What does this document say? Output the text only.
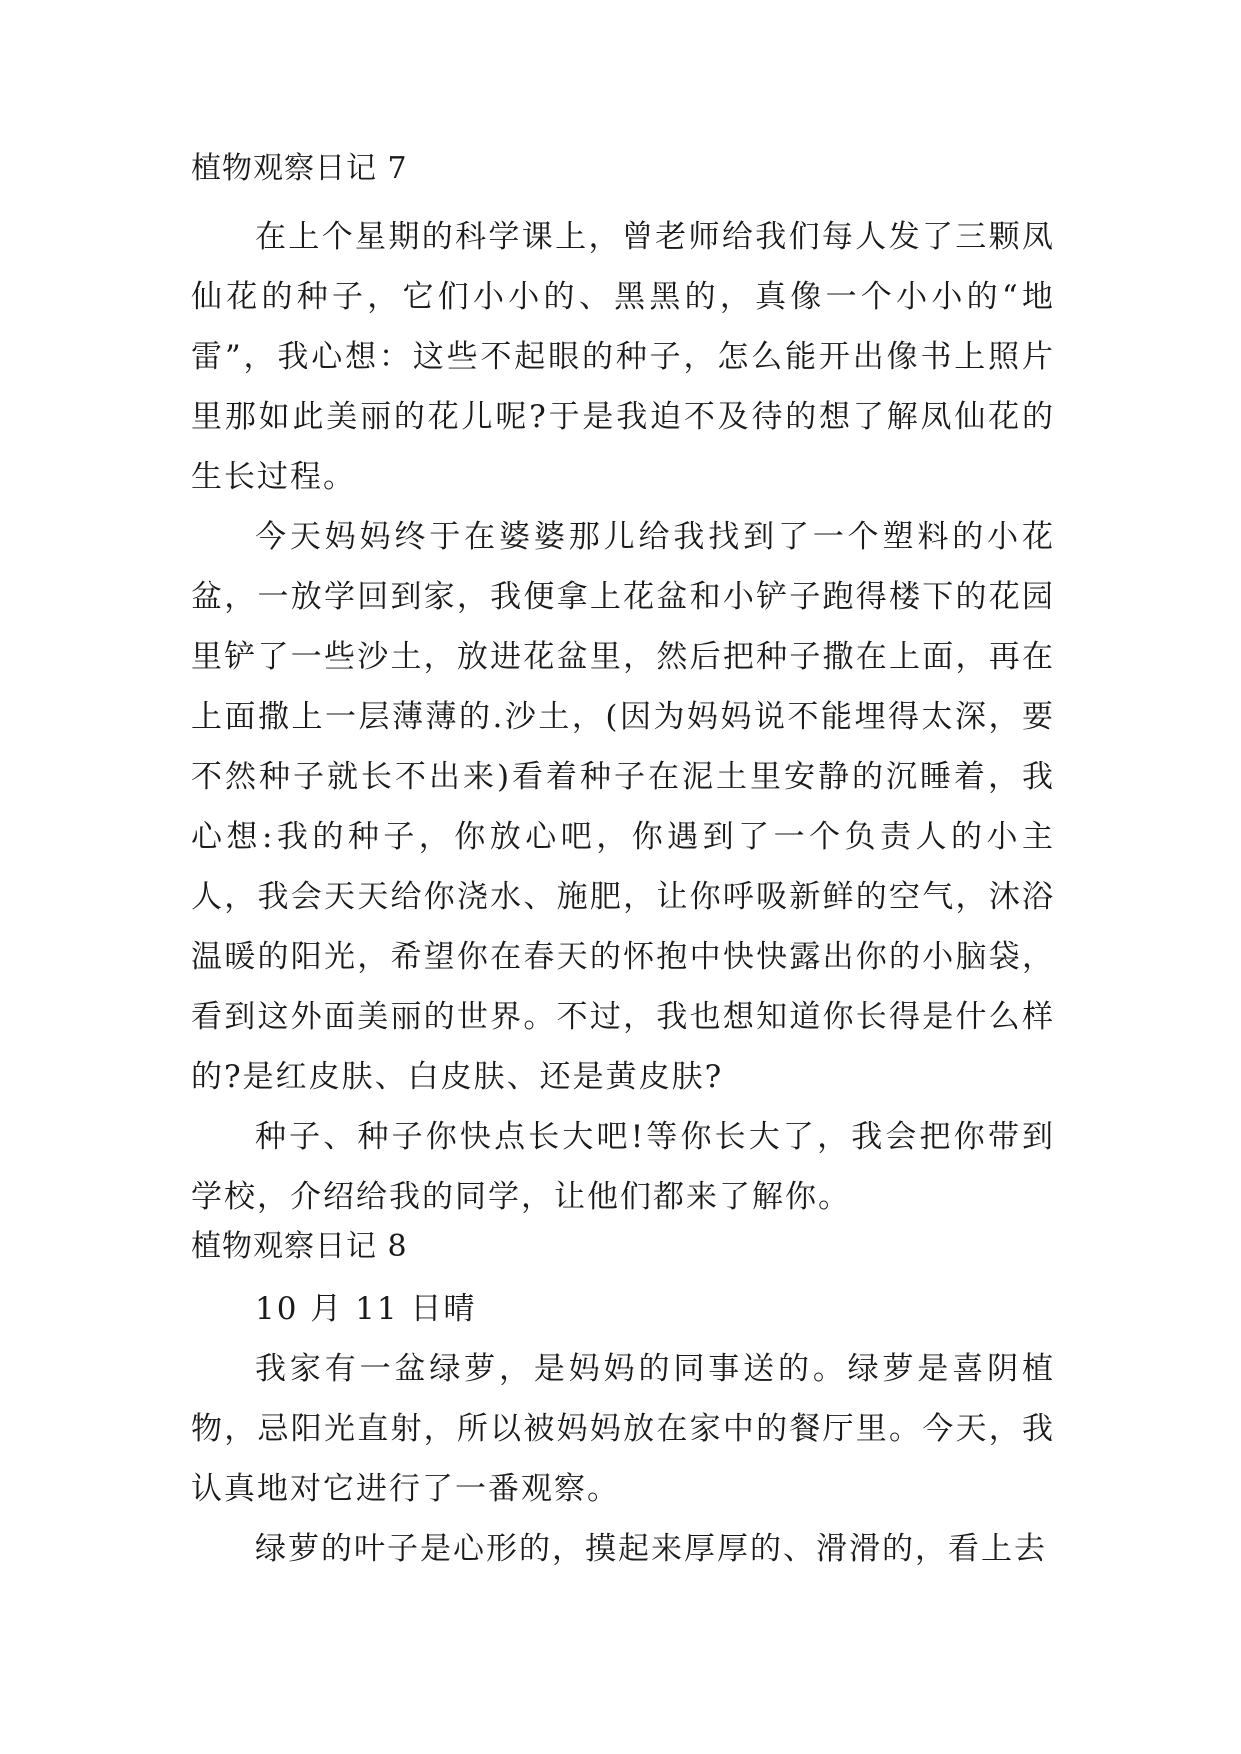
植物观察日记 7

在上个星期的科学课上，曾老师给我们每人发了三颗凤仙花的种子，它们小小的、黑黑的，真像一个小小的“地雷”，我心想：这些不起眼的种子，怎么能开出像书上照片里那如此美丽的花儿呢?于是我迫不及待的想了解凤仙花的生长过程。

今天妈妈终于在婆婆那儿给我找到了一个塑料的小花盆，一放学回到家，我便拿上花盆和小铲子跑得楼下的花园里铲了一些沙土，放进花盆里，然后把种子撒在上面，再在上面撒上一层薄薄的.沙土，(因为妈妈说不能埋得太深，要不然种子就长不出来)看着种子在泥土里安静的沉睡着，我心想:我的种子，你放心吧，你遇到了一个负责人的小主人，我会天天给你浇水、施肥，让你呼吸新鲜的空气，沐浴温暖的阳光，希望你在春天的怀抱中快快露出你的小脑袋，看到这外面美丽的世界。不过，我也想知道你长得是什么样的?是红皮肤、白皮肤、还是黄皮肤?

种子、种子你快点长大吧!等你长大了，我会把你带到学校，介绍给我的同学，让他们都来了解你。

植物观察日记 8

10 月 11 日晴

我家有一盆绿萝，是妈妈的同事送的。绿萝是喜阴植物，忌阳光直射，所以被妈妈放在家中的餐厅里。今天，我认真地对它进行了一番观察。

绿萝的叶子是心形的，摸起来厚厚的、滑滑的，看上去
